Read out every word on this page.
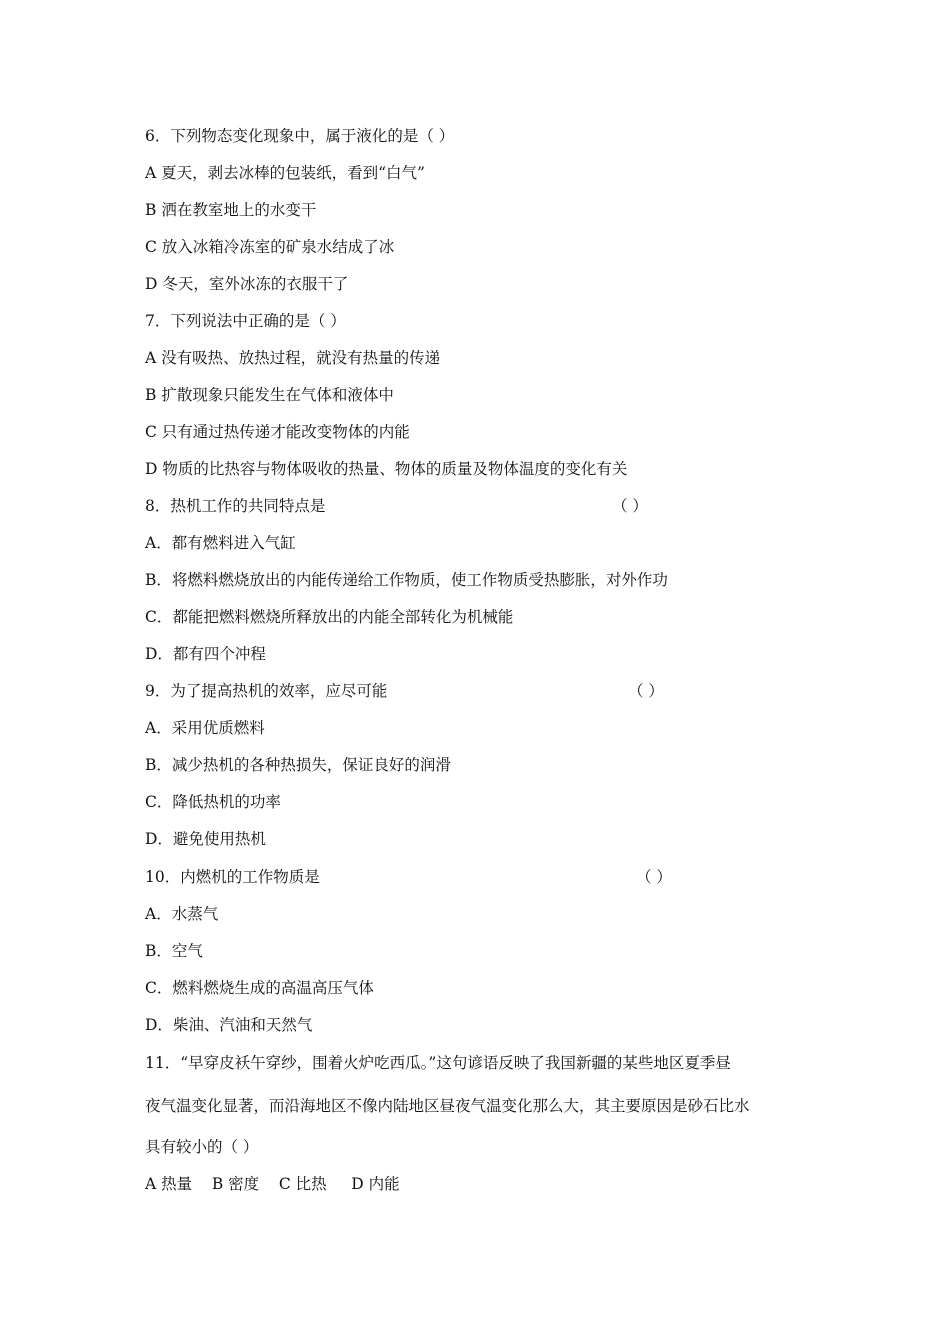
6．下列物态变化现象中，属于液化的是（ ）
A 夏天，剥去冰棒的包装纸，看到“白气”
B 洒在教室地上的水变干
C 放入冰箱冷冻室的矿泉水结成了冰
D 冬天，室外冰冻的衣服干了
7．下列说法中正确的是（ ）
A 没有吸热、放热过程，就没有热量的传递
B 扩散现象只能发生在气体和液体中
C 只有通过热传递才能改变物体的内能
D 物质的比热容与物体吸收的热量、物体的质量及物体温度的变化有关
8．热机工作的共同特点是	（ ）
A．都有燃料进入气缸
B．将燃料燃烧放出的内能传递给工作物质，使工作物质受热膨胀，对外作功
C．都能把燃料燃烧所释放出的内能全部转化为机械能
D．都有四个冲程
9．为了提高热机的效率，应尽可能	（ ）
A．采用优质燃料
B．减少热机的各种热损失，保证良好的润滑
C．降低热机的功率
D．避免使用热机
10．内燃机的工作物质是	（ ）
A．水蒸气
B．空气
C．燃料燃烧生成的高温高压气体
D．柴油、汽油和天然气
11．“早穿皮袄午穿纱，围着火炉吃西瓜。”这句谚语反映了我国新疆的某些地区夏季昼
夜气温变化显著，而沿海地区不像内陆地区昼夜气温变化那么大，其主要原因是砂石比水
具有较小的（ ）
A 热量    B 密度    C 比热     D 内能
